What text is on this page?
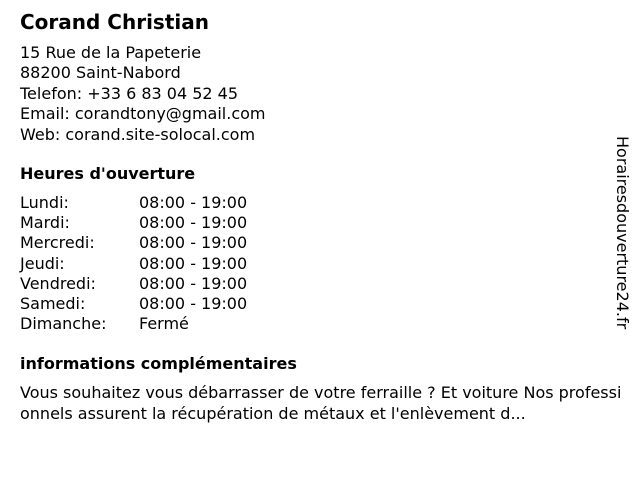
Corand Christian
15 Rue de la Papeterie
88200 Saint-Nabord
Telefon: +33 6 83 04 52 45
Email: corandtony@gmail.com
Web: corand.site-solocal.com
Heures d'ouverture
Lundi:	08:00 - 19:00
Mardi:	08:00 - 19:00
Mercredi:	08:00 - 19:00
Jeudi:	08:00 - 19:00
Vendredi:	08:00 - 19:00
Samedi:	08:00 - 19:00
Dimanche: Fermé
informations complémentaires
Vous souhaitez vous débarrasser de votre ferraille ? Et voiture Nos professionnels assurent la récupération de métaux et l'enlèvement d...
Horairesdouverture24.fr
